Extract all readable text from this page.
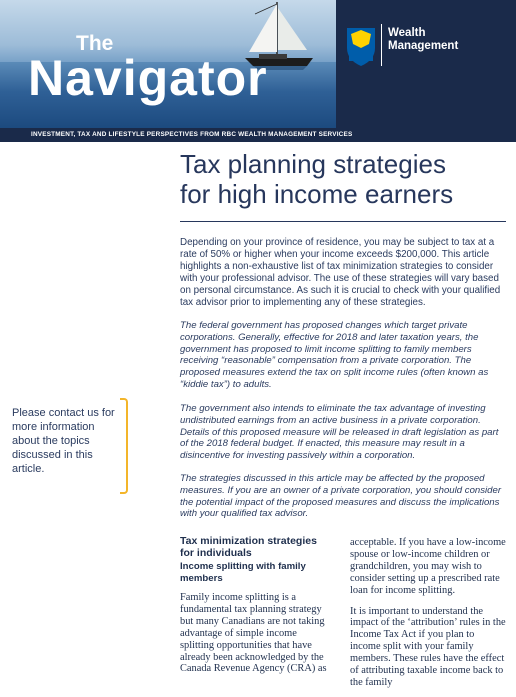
Wealth
Management
The
Navigator
INVESTMENT, TAX AND LIFESTYLE PERSPECTIVES FROM RBC WEALTH MANAGEMENT SERVICES
Tax planning strategies
for high income earners
Depending on your province of residence, you may be subject to tax at a rate of 50% or higher when your income exceeds $200,000. This article highlights a non-exhaustive list of tax minimization strategies to consider with your professional advisor. The use of these strategies will vary based on personal circumstance. As such it is crucial to check with your qualified tax advisor prior to implementing any of these strategies.
The federal government has proposed changes which target private corporations. Generally, effective for 2018 and later taxation years, the government has proposed to limit income splitting to family members receiving “reasonable” compensation from a private corporation. The proposed measures extend the tax on split income rules (often known as “kiddie tax”) to adults.
The government also intends to eliminate the tax advantage of investing undistributed earnings from an active business in a private corporation. Details of this proposed measure will be released in draft legislation as part of the 2018 federal budget. If enacted, this measure may result in a disincentive for investing passively within a corporation.
The strategies discussed in this article may be affected by the proposed measures. If you are an owner of a private corporation, you should consider the potential impact of the proposed measures and discuss the implications with your qualified tax advisor.
Please contact us for more information about the topics discussed in this article.
Tax minimization strategies for individuals
Income splitting with family members

Family income splitting is a fundamental tax planning strategy but many Canadians are not taking advantage of simple income splitting opportunities that have already been acknowledged by the Canada Revenue Agency (CRA) as

acceptable. If you have a low-income spouse or low-income children or grandchildren, you may wish to consider setting up a prescribed rate loan for income splitting.

It is important to understand the impact of the ‘attribution’ rules in the Income Tax Act if you plan to income split with your family members. These rules have the effect of attributing taxable income back to the family
